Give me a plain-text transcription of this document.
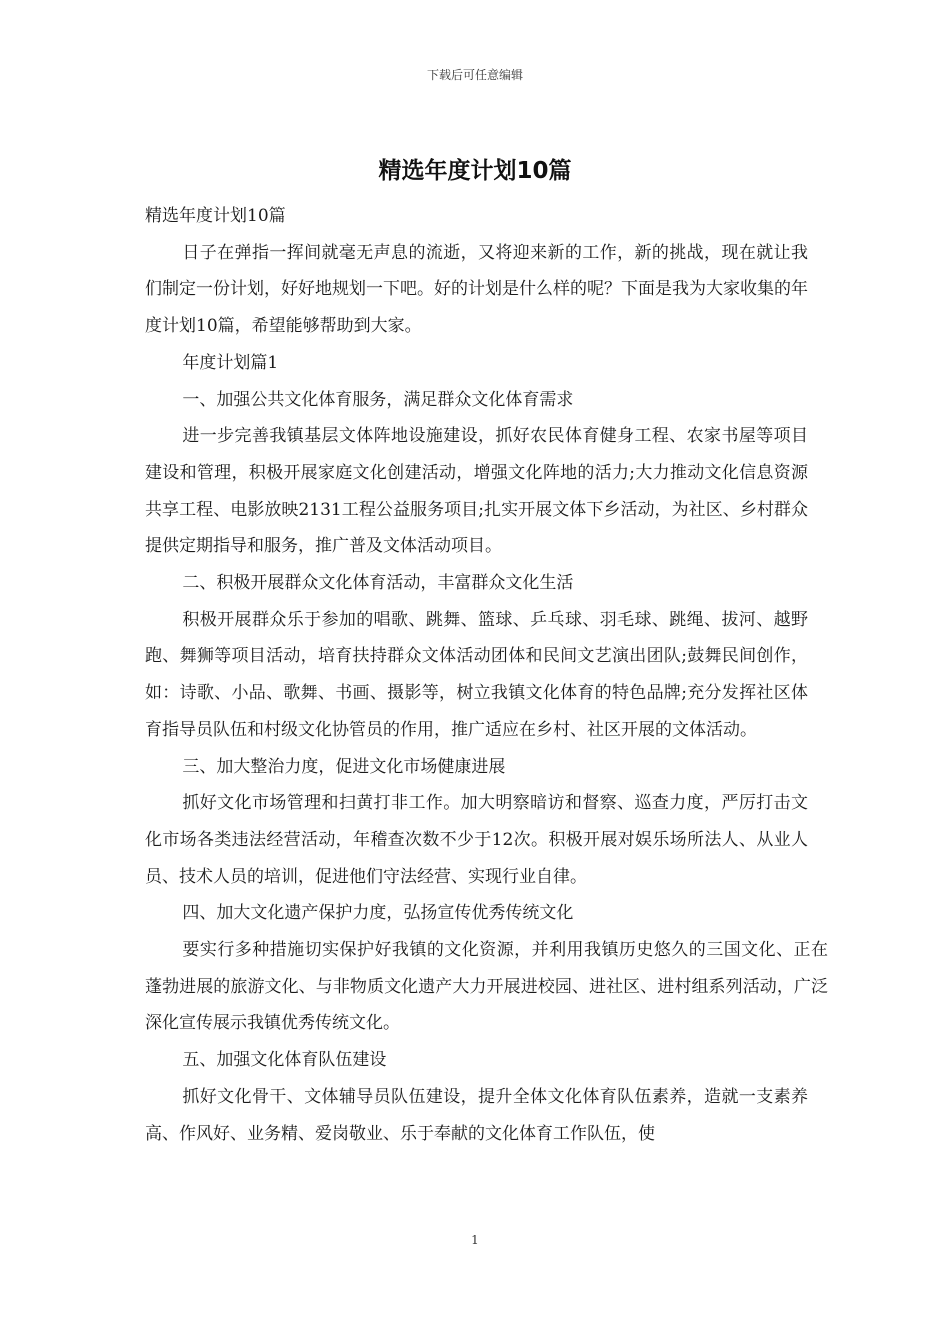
下载后可任意编辑
精选年度计划10篇

精选年度计划10篇

日子在弹指一挥间就毫无声息的流逝，又将迎来新的工作，新的挑战，现在就让我们制定一份计划，好好地规划一下吧。好的计划是什么样的呢？下面是我为大家收集的年度计划10篇，希望能够帮助到大家。

年度计划篇1

一、加强公共文化体育服务，满足群众文化体育需求

进一步完善我镇基层文体阵地设施建设，抓好农民体育健身工程、农家书屋等项目建设和管理，积极开展家庭文化创建活动，增强文化阵地的活力;大力推动文化信息资源共享工程、电影放映2131工程公益服务项目;扎实开展文体下乡活动，为社区、乡村群众提供定期指导和服务，推广普及文体活动项目。

二、积极开展群众文化体育活动，丰富群众文化生活

积极开展群众乐于参加的唱歌、跳舞、篮球、乒乓球、羽毛球、跳绳、拔河、越野跑、舞狮等项目活动，培育扶持群众文体活动团体和民间文艺演出团队;鼓舞民间创作，如：诗歌、小品、歌舞、书画、摄影等，树立我镇文化体育的特色品牌;充分发挥社区体育指导员队伍和村级文化协管员的作用，推广适应在乡村、社区开展的文体活动。

三、加大整治力度，促进文化市场健康进展

抓好文化市场管理和扫黄打非工作。加大明察暗访和督察、巡查力度，严厉打击文化市场各类违法经营活动，年稽查次数不少于12次。积极开展对娱乐场所法人、从业人员、技术人员的培训，促进他们守法经营、实现行业自律。

四、加大文化遗产保护力度，弘扬宣传优秀传统文化

要实行多种措施切实保护好我镇的文化资源，并利用我镇历史悠久的三国文化、正在蓬勃进展的旅游文化、与非物质文化遗产大力开展进校园、进社区、进村组系列活动，广泛深化宣传展示我镇优秀传统文化。

五、加强文化体育队伍建设

抓好文化骨干、文体辅导员队伍建设，提升全体文化体育队伍素养，造就一支素养高、作风好、业务精、爱岗敬业、乐于奉献的文化体育工作队伍，使

1
